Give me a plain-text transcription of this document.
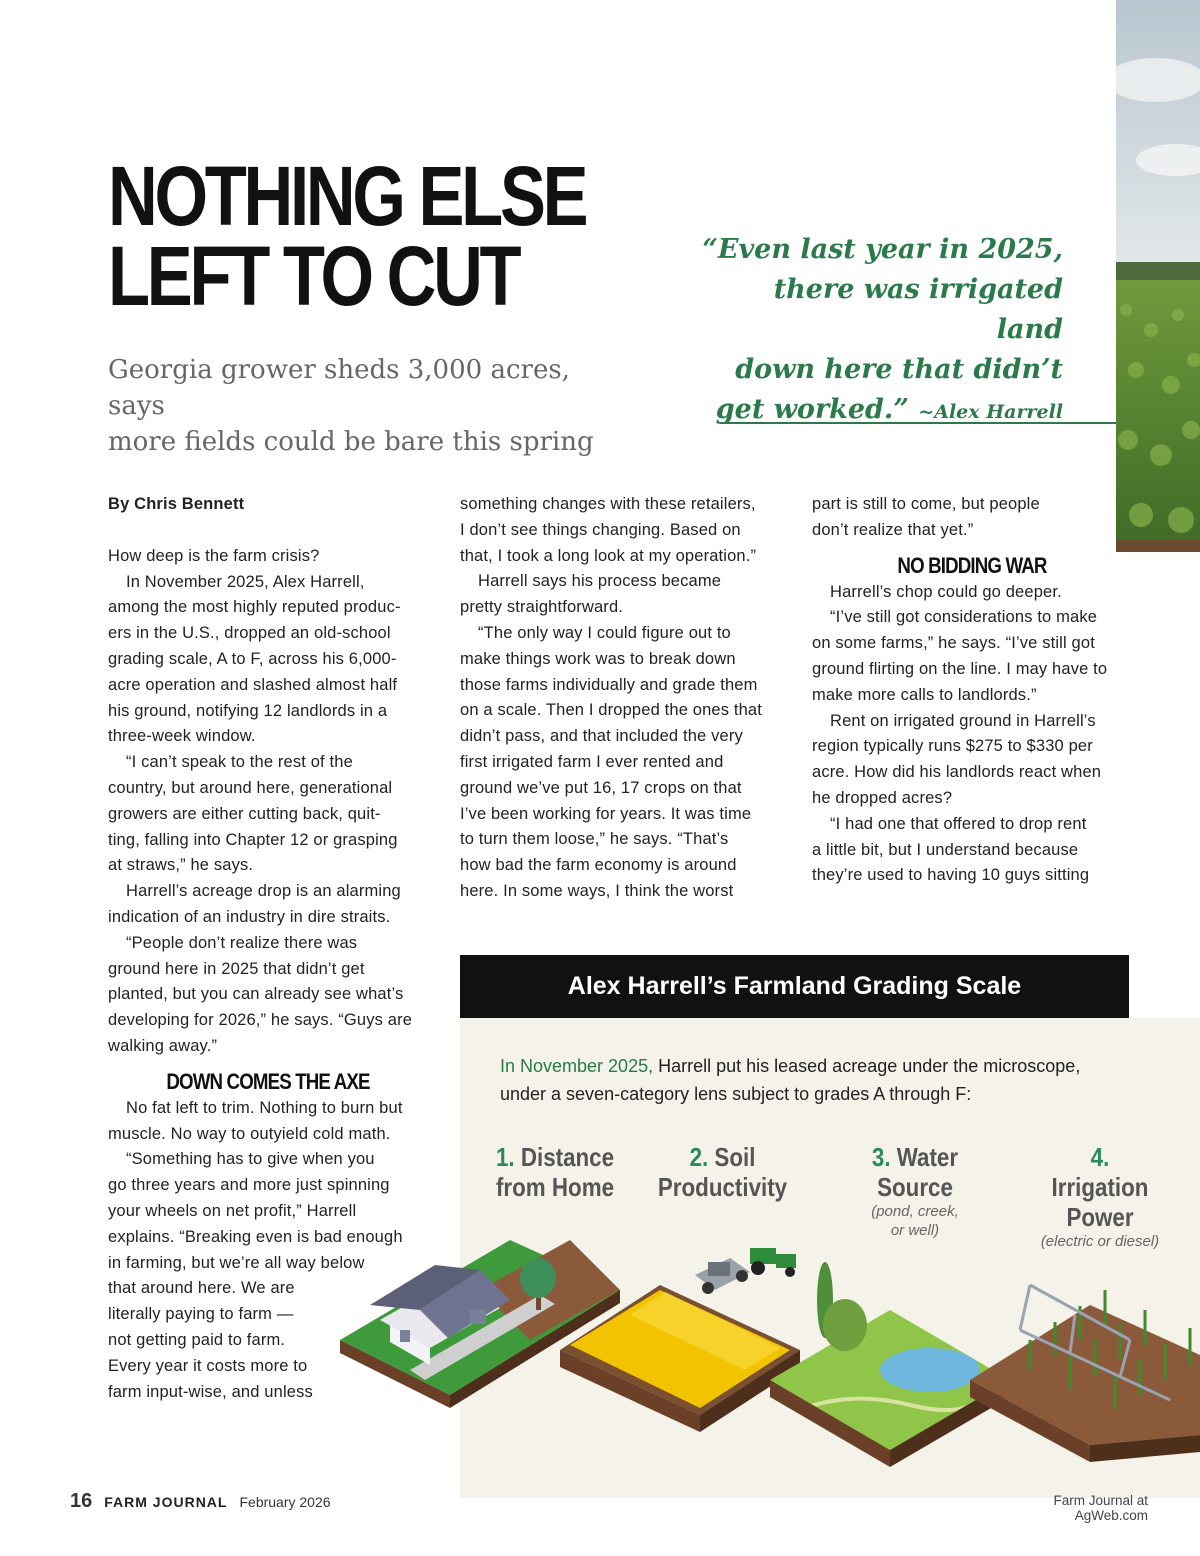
NOTHING ELSE
LEFT TO CUT

Georgia grower sheds 3,000 acres, says
more fields could be bare this spring

“Even last year in 2025,
there was irrigated land
down here that didn’t
get worked.” ~Alex Harrell

By Chris Bennett

How deep is the farm crisis?

In November 2025, Alex Harrell,

among the most highly reputed produc-

ers in the U.S., dropped an old-school

grading scale, A to F, across his 6,000-

acre operation and slashed almost half

his ground, notifying 12 landlords in a

three-week window.

“I can’t speak to the rest of the

country, but around here, generational

growers are either cutting back, quit-

ting, falling into Chapter 12 or grasping

at straws,” he says.

Harrell’s acreage drop is an alarming

indication of an industry in dire straits.

“People don’t realize there was

ground here in 2025 that didn’t get

planted, but you can already see what’s

developing for 2026,” he says. “Guys are

walking away.”

DOWN COMES THE AXE

No fat left to trim. Nothing to burn but

muscle. No way to outyield cold math.

“Something has to give when you

go three years and more just spinning

your wheels on net profit,” Harrell

explains. “Breaking even is bad enough

in farming, but we’re all way below

that around here. We are

literally paying to farm —

not getting paid to farm.

Every year it costs more to

farm input-wise, and unless

something changes with these retailers,

I don’t see things changing. Based on

that, I took a long look at my operation.”

Harrell says his process became

pretty straightforward.

“The only way I could figure out to

make things work was to break down

those farms individually and grade them

on a scale. Then I dropped the ones that

didn’t pass, and that included the very

first irrigated farm I ever rented and

ground we’ve put 16, 17 crops on that

I’ve been working for years. It was time

to turn them loose,” he says. “That’s

how bad the farm economy is around

here. In some ways, I think the worst

part is still to come, but people

don’t realize that yet.”

NO BIDDING WAR

Harrell’s chop could go deeper.

“I’ve still got considerations to make

on some farms,” he says. “I’ve still got

ground flirting on the line. I may have to

make more calls to landlords.”

Rent on irrigated ground in Harrell’s

region typically runs $275 to $330 per

acre. How did his landlords react when

he dropped acres?

“I had one that offered to drop rent

a little bit, but I understand because

they’re used to having 10 guys sitting

Alex Harrell’s Farmland Grading Scale

In November 2025, Harrell put his leased acreage under the microscope,
under a seven-category lens subject to grades A through F:

1. Distance
from Home
2. Soil
Productivity
3. Water Source
(pond, creek,
or well)
4. Irrigation
Power
(electric or diesel)
16 FARM JOURNAL February 2026	Farm Journal at AgWeb.com
